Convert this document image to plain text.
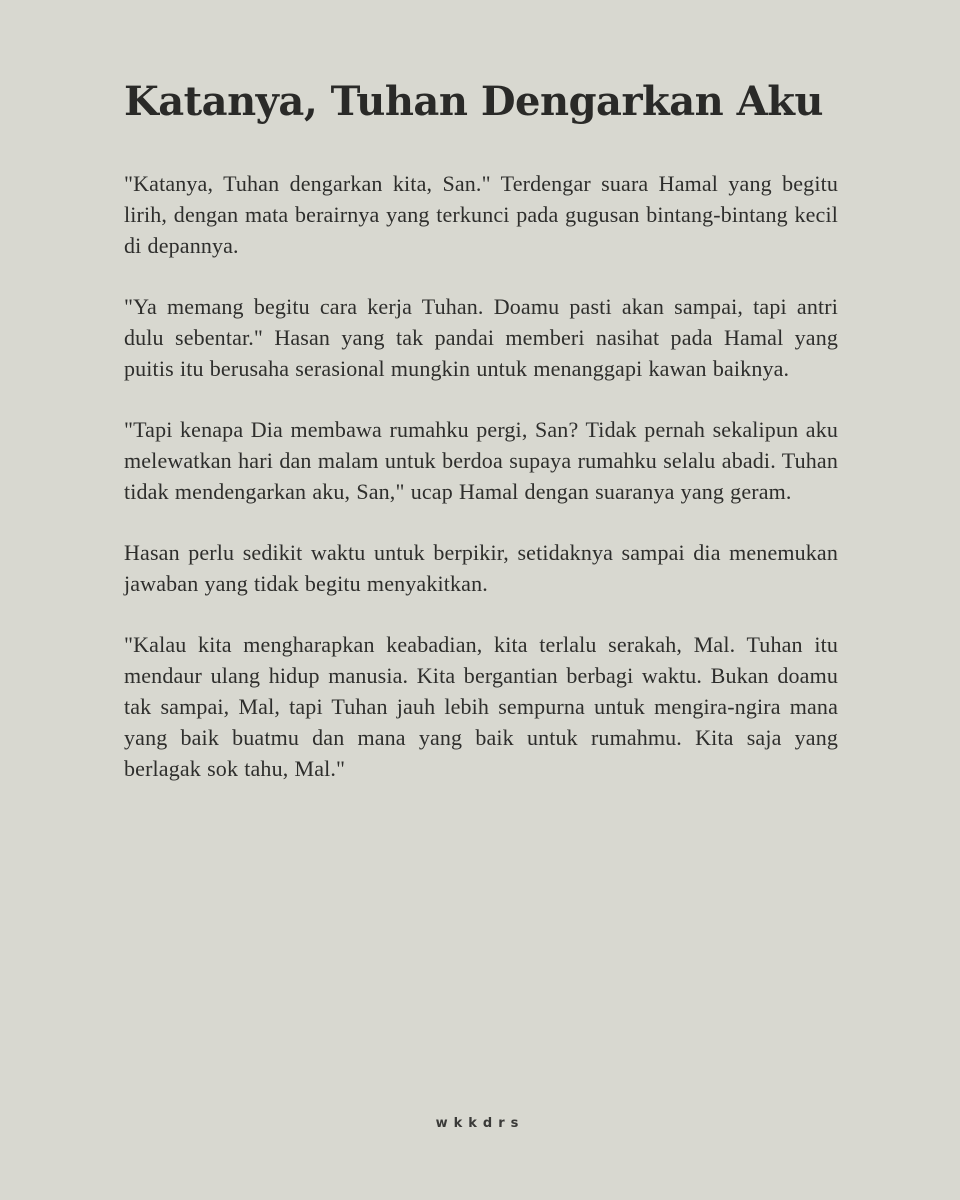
Katanya, Tuhan Dengarkan Aku

"Katanya, Tuhan dengarkan kita, San." Terdengar suara Hamal yang begitu lirih, dengan mata berairnya yang terkunci pada gugusan bintang-bintang kecil di depannya.

"Ya memang begitu cara kerja Tuhan. Doamu pasti akan sampai, tapi antri dulu sebentar." Hasan yang tak pandai memberi nasihat pada Hamal yang puitis itu berusaha serasional mungkin untuk menanggapi kawan baiknya.

"Tapi kenapa Dia membawa rumahku pergi, San? Tidak pernah sekalipun aku melewatkan hari dan malam untuk berdoa supaya rumahku selalu abadi. Tuhan tidak mendengarkan aku, San," ucap Hamal dengan suaranya yang geram.

Hasan perlu sedikit waktu untuk berpikir, setidaknya sampai dia menemukan jawaban yang tidak begitu menyakitkan.

"Kalau kita mengharapkan keabadian, kita terlalu serakah, Mal. Tuhan itu mendaur ulang hidup manusia. Kita bergantian berbagi waktu. Bukan doamu tak sampai, Mal, tapi Tuhan jauh lebih sempurna untuk mengira-ngira mana yang baik buatmu dan mana yang baik untuk rumahmu. Kita saja yang berlagak sok tahu, Mal."

wkkdrs
